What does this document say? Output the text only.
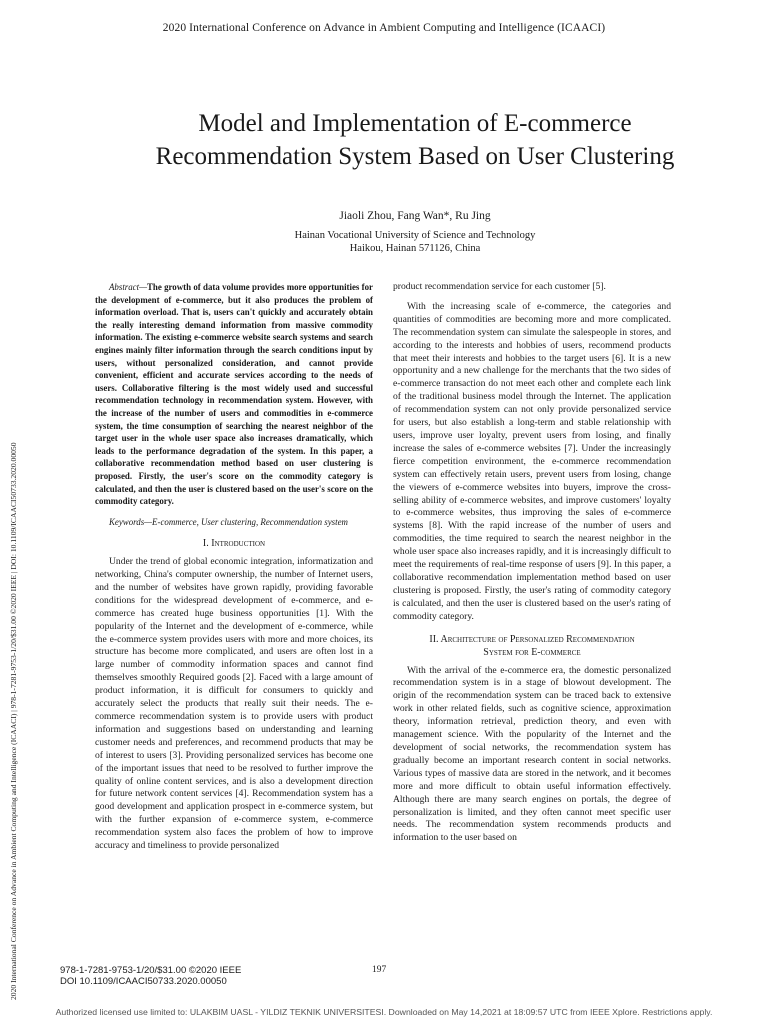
2020 International Conference on Advance in Ambient Computing and Intelligence (ICAACI)
2020 International Conference on Advance in Ambient Computing and Intelligence (ICAACI) | 978-1-7281-9753-1/20/$31.00 ©2020 IEEE | DOI: 10.1109/ICAACI50733.2020.00050
Model and Implementation of E-commerce
Recommendation System Based on User Clustering
Jiaoli Zhou, Fang Wan*, Ru Jing
Hainan Vocational University of Science and Technology
Haikou, Hainan 571126, China

Abstract—The growth of data volume provides more opportunities for the development of e-commerce, but it also produces the problem of information overload. That is, users can't quickly and accurately obtain the really interesting demand information from massive commodity information. The existing e-commerce website search systems and search engines mainly filter information through the search conditions input by users, without personalized consideration, and cannot provide convenient, efficient and accurate services according to the needs of users. Collaborative filtering is the most widely used and successful recommendation technology in recommendation system. However, with the increase of the number of users and commodities in e-commerce system, the time consumption of searching the nearest neighbor of the target user in the whole user space also increases dramatically, which leads to the performance degradation of the system. In this paper, a collaborative recommendation method based on user clustering is proposed. Firstly, the user's score on the commodity category is calculated, and then the user is clustered based on the user's score on the commodity category.

Keywords—E-commerce, User clustering, Recommendation system

I. Introduction

Under the trend of global economic integration, informatization and networking, China's computer ownership, the number of Internet users, and the number of websites have grown rapidly, providing favorable conditions for the widespread development of e-commerce, and e-commerce has created huge business opportunities [1]. With the popularity of the Internet and the development of e-commerce, while the e-commerce system provides users with more and more choices, its structure has become more complicated, and users are often lost in a large number of commodity information spaces and cannot find themselves smoothly Required goods [2]. Faced with a large amount of product information, it is difficult for consumers to quickly and accurately select the products that really suit their needs. The e-commerce recommendation system is to provide users with product information and suggestions based on understanding and learning customer needs and preferences, and recommend products that may be of interest to users [3]. Providing personalized services has become one of the important issues that need to be resolved to further improve the quality of online content services, and is also a development direction for future network content services [4]. Recommendation system has a good development and application prospect in e-commerce system, but with the further expansion of e-commerce system, e-commerce recommendation system also faces the problem of how to improve accuracy and timeliness to provide personalized

product recommendation service for each customer [5].

With the increasing scale of e-commerce, the categories and quantities of commodities are becoming more and more complicated. The recommendation system can simulate the salespeople in stores, and according to the interests and hobbies of users, recommend products that meet their interests and hobbies to the target users [6]. It is a new opportunity and a new challenge for the merchants that the two sides of e-commerce transaction do not meet each other and complete each link of the traditional business model through the Internet. The application of recommendation system can not only provide personalized service for users, but also establish a long-term and stable relationship with users, improve user loyalty, prevent users from losing, and finally increase the sales of e-commerce websites [7]. Under the increasingly fierce competition environment, the e-commerce recommendation system can effectively retain users, prevent users from losing, change the viewers of e-commerce websites into buyers, improve the cross-selling ability of e-commerce websites, and improve customers' loyalty to e-commerce websites, thus improving the sales of e-commerce systems [8]. With the rapid increase of the number of users and commodities, the time required to search the nearest neighbor in the whole user space also increases rapidly, and it is increasingly difficult to meet the requirements of real-time response of users [9]. In this paper, a collaborative recommendation implementation method based on user clustering is proposed. Firstly, the user's rating of commodity category is calculated, and then the user is clustered based on the user's rating of commodity category.

II. Architecture of Personalized Recommendation
System for E-commerce

With the arrival of the e-commerce era, the domestic personalized recommendation system is in a stage of blowout development. The origin of the recommendation system can be traced back to extensive work in other related fields, such as cognitive science, approximation theory, information retrieval, prediction theory, and even with management science. With the popularity of the Internet and the development of social networks, the recommendation system has gradually become an important research content in social networks. Various types of massive data are stored in the network, and it becomes more and more difficult to obtain useful information effectively. Although there are many search engines on portals, the degree of personalization is limited, and they often cannot meet specific user needs. The recommendation system recommends products and information to the user based on

978-1-7281-9753-1/20/$31.00 ©2020 IEEE
DOI 10.1109/ICAACI50733.2020.00050
197
Authorized licensed use limited to: ULAKBIM UASL - YILDIZ TEKNIK UNIVERSITESI. Downloaded on May 14,2021 at 18:09:57 UTC from IEEE Xplore. Restrictions apply.
